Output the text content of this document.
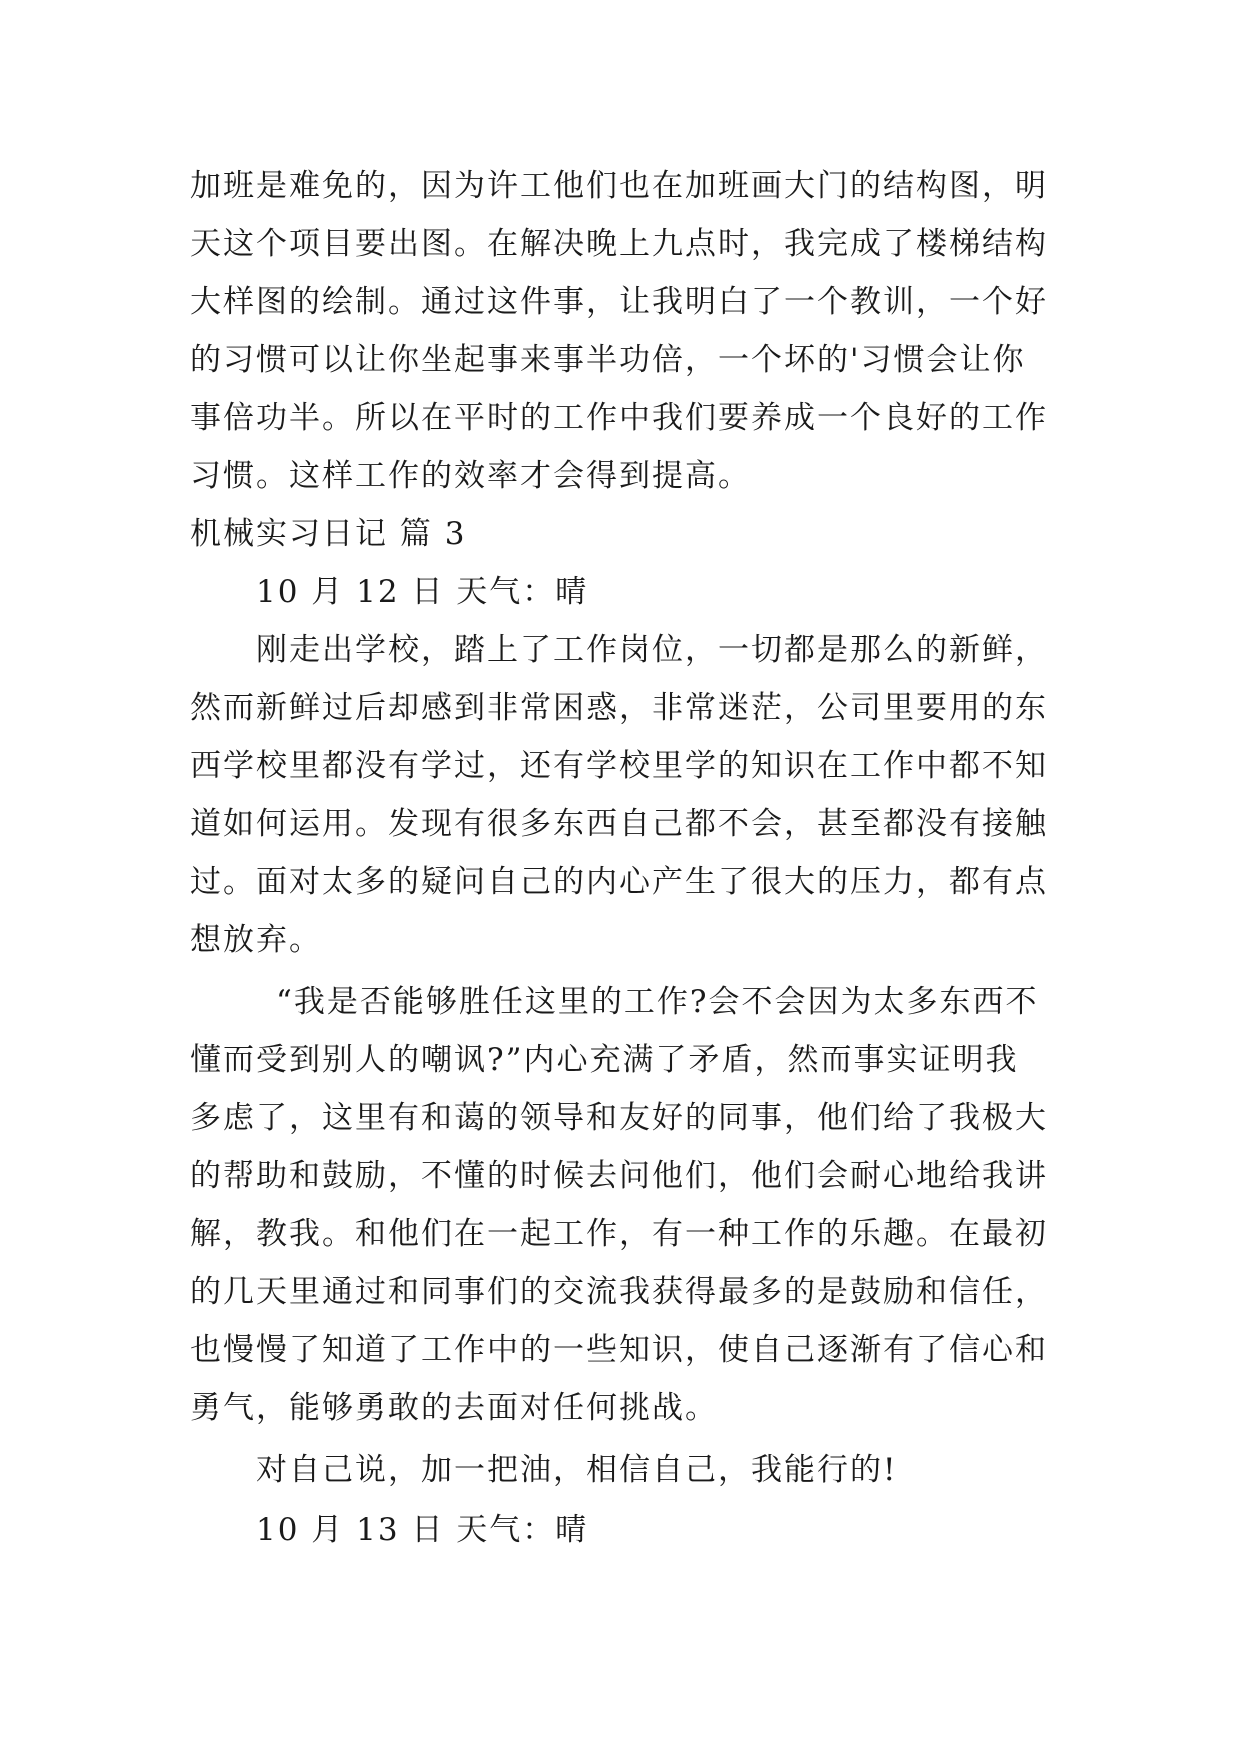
加班是难免的，因为许工他们也在加班画大门的结构图，明
天这个项目要出图。在解决晚上九点时，我完成了楼梯结构
大样图的绘制。通过这件事，让我明白了一个教训，一个好
的习惯可以让你坐起事来事半功倍，一个坏的'习惯会让你
事倍功半。所以在平时的工作中我们要养成一个良好的工作
习惯。这样工作的效率才会得到提高。
机械实习日记 篇 3
10 月 12 日 天气：晴
刚走出学校，踏上了工作岗位，一切都是那么的新鲜，
然而新鲜过后却感到非常困惑，非常迷茫，公司里要用的东
西学校里都没有学过，还有学校里学的知识在工作中都不知
道如何运用。发现有很多东西自己都不会，甚至都没有接触
过。面对太多的疑问自己的内心产生了很大的压力，都有点
想放弃。
“我是否能够胜任这里的工作?会不会因为太多东西不
懂而受到别人的嘲讽?”内心充满了矛盾，然而事实证明我
多虑了，这里有和蔼的领导和友好的同事，他们给了我极大
的帮助和鼓励，不懂的时候去问他们，他们会耐心地给我讲
解，教我。和他们在一起工作，有一种工作的乐趣。在最初
的几天里通过和同事们的交流我获得最多的是鼓励和信任，
也慢慢了知道了工作中的一些知识，使自己逐渐有了信心和
勇气，能够勇敢的去面对任何挑战。
对自己说，加一把油，相信自己，我能行的!
10 月 13 日 天气：晴
